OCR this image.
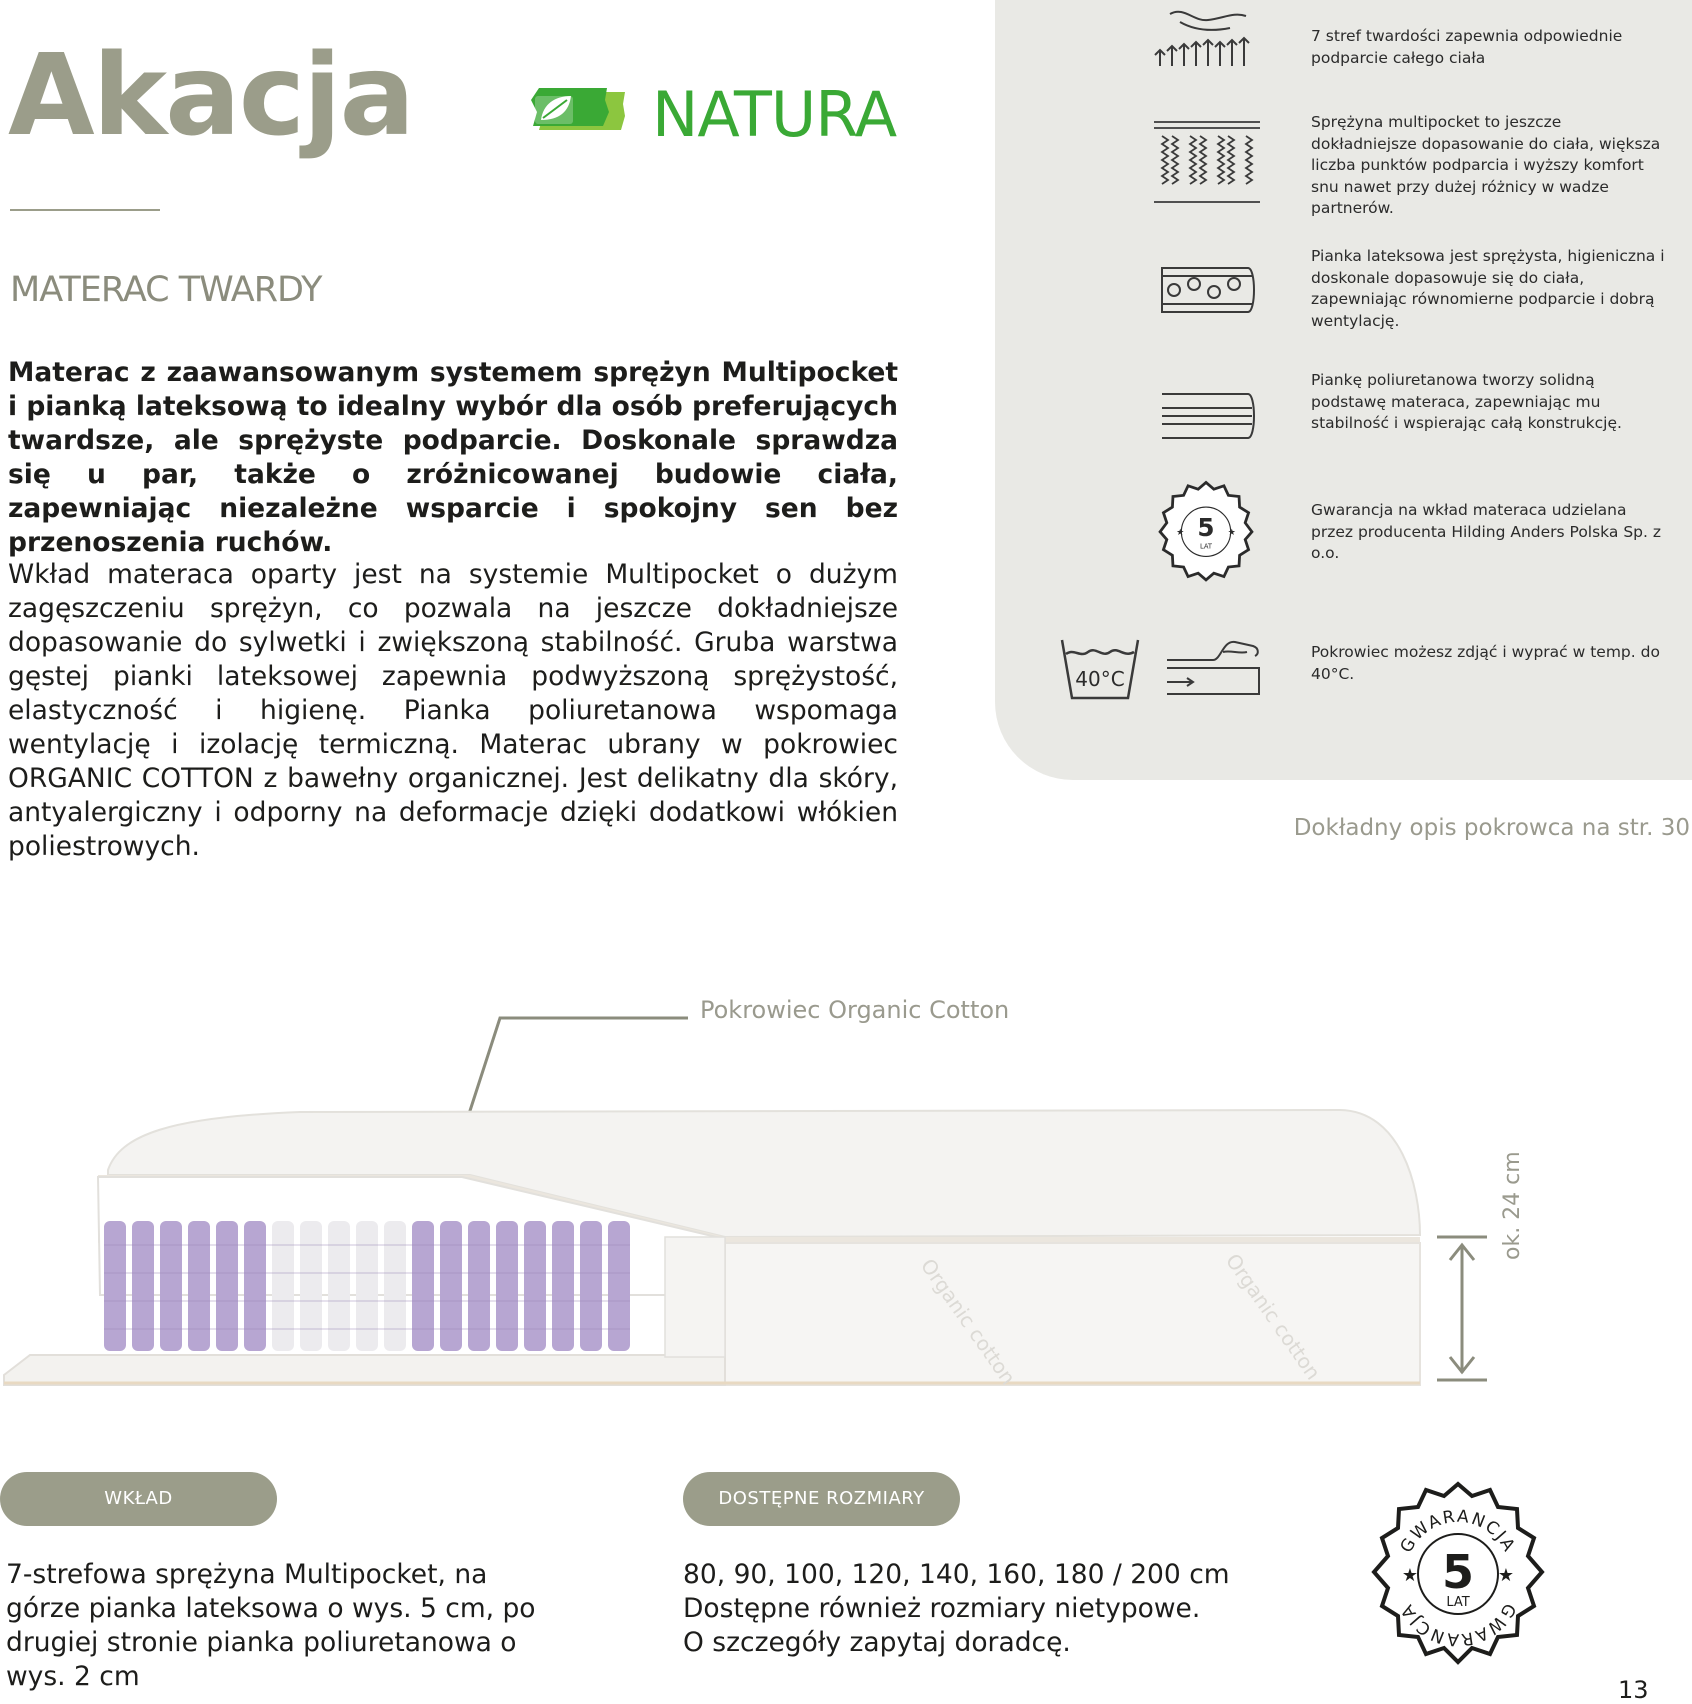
Akacja	NATURA
MATERAC TWARDY
Materac z zaawansowanym systemem sprężyn Multipocket i pianką lateksową to idealny wybór dla osób preferujących twardsze, ale sprężyste podparcie. Doskonale sprawdza się u par, także o zróżnicowanej budowie ciała, zapewniając niezależne wsparcie i spokojny sen bez przenoszenia ruchów.
Wkład materaca oparty jest na systemie Multipocket o dużym zagęszczeniu sprężyn, co pozwala na jeszcze dokładniejsze dopasowanie do sylwetki i zwiększoną stabilność. Gruba warstwa gęstej pianki lateksowej zapewnia podwyższoną sprężystość, elastyczność i higienę. Pianka poliuretanowa wspomaga wentylację i izolację termiczną. Materac ubrany w pokrowiec ORGANIC COTTON z bawełny organicznej. Jest delikatny dla skóry, antyalergiczny i odporny na deformacje dzięki dodatkowi włókien poliestrowych.
7 stref twardości zapewnia odpowiednie podparcie całego ciała
Sprężyna multipocket to jeszcze dokładniejsze dopasowanie do ciała, większa liczba punktów podparcia i wyższy komfort snu nawet przy dużej różnicy w wadze partnerów.
Pianka lateksowa jest sprężysta, higieniczna i doskonale dopasowuje się do ciała, zapewniając równomierne podparcie i dobrą wentylację.
Piankę poliuretanowa tworzy solidną podstawę materaca, zapewniając mu stabilność i wspierając całą konstrukcję.
5
LAT
★	★
Gwarancja na wkład materaca udzielana przez producenta Hilding Anders Polska Sp. z o.o.
40°C
Pokrowiec możesz zdjąć i wyprać w temp. do 40°C.
Dokładny opis pokrowca na str. 30
Organic cotton	Organic cotton
Pokrowiec Organic Cotton
ok. 24 cm
WKŁAD
7-strefowa sprężyna Multipocket, na górze pianka lateksowa o wys. 5 cm, po drugiej stronie pianka poliuretanowa o wys. 2 cm
DOSTĘPNE ROZMIARY
80, 90, 100, 120, 140, 160, 180 / 200 cm
Dostępne również rozmiary nietypowe.
O szczegóły zapytaj doradcę.
GWARANCJA
GWARANCJA
5
LAT
★	★
13
